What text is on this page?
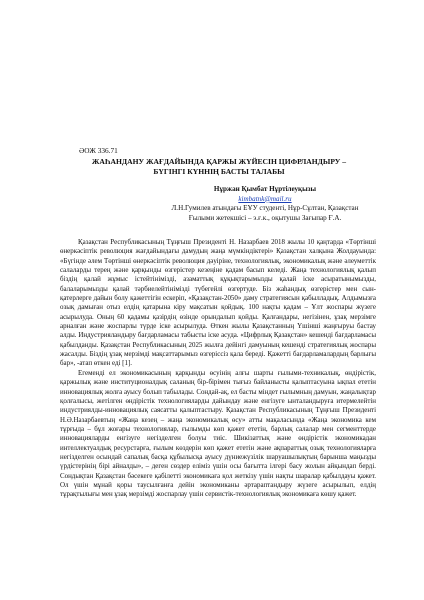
ӘОЖ 336.71
ЖАҺАНДАНУ ЖАҒДАЙЫНДА ҚАРЖЫ ЖҮЙЕСІН ЦИФРЛАНДЫРУ –
БҮГІНГІ КҮННІҢ БАСТЫ ТАЛАБЫ
Нұржан Қымбат Нұртілеуқызы
kimbatnk@mail.ru
Л.Н.Гумилев атындағы ЕҰУ студенті, Нұр-Сұлтан, Қазақстан
Ғылыми жетекшісі – э.ғ.к., оқытушы Зағыпар Ғ.А.

Қазақстан Республикасының Тұңғыш Президенті Н. Назарбаев 2018 жылы 10 қаңтарда «Төртінші өнеркәсіптік революция жағдайындағы дамудың жаңа мүмкіндіктері» Қазақстан халқына Жолдауында: «Бүгінде әлем Төртінші өнеркәсіптік революция дәуіріне, технологиялық, экономикалық және әлеуметтік салаларды терең және қарқынды өзгерістер кезеңіне қадам басып келеді. Жаңа технологиялық қалып біздің қалай жұмыс істейтініміздi, азаматтық құқықтарымызды қалай iске асыратынымызды, балаларымызды қалай тәрбиелейтінімізді түбегейлі өзгертуде. Біз жаһандық өзгерістер мен сын-қатерлерге дайын болу қажеттігін ескеріп, «Қазақстан-2050» даму стратегиясын қабылладық. Алдымызға озық дамыған отыз елдің қатарына кіру мақсатын қойдық. 100 нақты қадам – Ұлт жоспары жүзеге асырылуда. Оның 60 қадамы қазірдің өзінде орындалып қойды. Қалғандары, негізінен, ұзақ мерзімге арналған және жоспарлы түрде іске асырылуда. Өткен жылы Қазақстанның Үшінші жаңғыруы бастау алды. Индустрияландыру бағдарламасы табысты іске асуда. «Цифрлық Қазақстан» кешенді бағдарламасы қабылданды. Қазақстан Республикасының 2025 жылға дейінгі дамуының кешенді стратегиялық жоспары жасалды. Біздің ұзақ мерзімді мақсаттарымыз өзгерiссiз қала береді. Қажетті бағдарламалардың барлығы бар», -атап өткен еді [1].

Егеменді ел экономикасының қарқынды өсуінің алғы шарты ғылыми-техникалық, өндірістік, қаржылық және институционалдық саланың бір-бірімен тығыз байланысты қалыптасуына ықпал ететін инновациялық жолға ауысу болып табылады. Сондай-ақ, ел басты міндет ғылымның дамуын, жаңалықтар қолғалысы, жетілген өндірістік технологияларды дайындау және енгізуге ынталандыруға итермелейтін индустриялды-инновациялық саясатты қалыптастыру. Қазақстан Республикасының Тұңғыш Президенті Н.Ә.Назарбаевтың «Жаңа кезең – жаңа экономикалық өсу» атты мақаласында «Жаңа экономика кем тұрғыда – бұл жоғары технологиялар, ғылымды көп қажет ететін, барлық салалар мен сегменттерде инновацияларды енгізуге негізделген болуы тиіс. Шикізаттық және өндірістік экономикадан интеллектуалдық ресурстарға, ғылым көздерін көп қажет ететін және ақпараттық озық технологияларға негізделген осындай сапалық басқа құбылысқа ауысу дүниежүзілік шаруашылықтың барынша маңызды үрдістерінің бірі айналды», – деген сөздер еліміз үшін осы бағытта ілгері басу жолын айқындап берді. Сондықтан Қазақстан бәсекеге қабілетті экономикаға қол жеткізу үшін нақты шаралар қабылдауы қажет. Ол үшін мұнай қоры таусылғанға дейін экономиканы әртараптандыру жүзеге асырылып, елдің тұрақтылығы мен ұзақ мерзімді жоспарлау үшін сервистік-технологиялық экономикаға көшу қажет.
